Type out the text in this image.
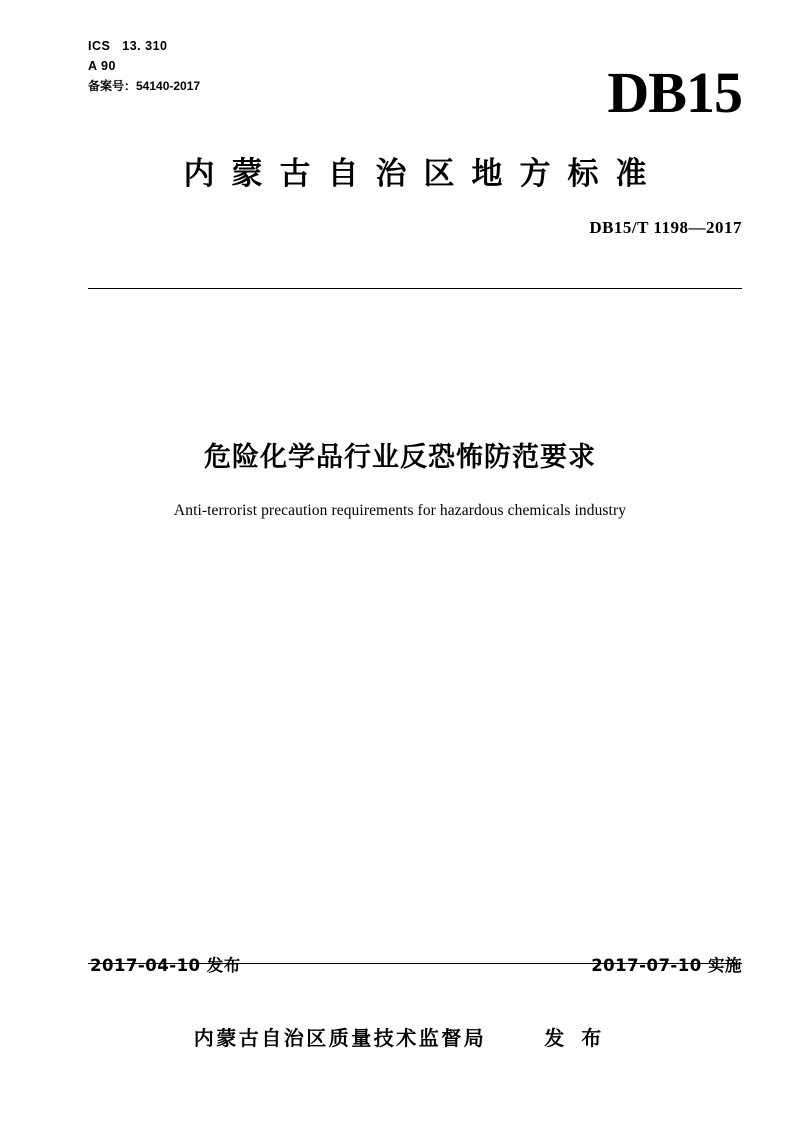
ICS 13. 310
A 90
备案号：54140-2017	DB15
内蒙古自治区地方标准
DB15/T 1198—2017
危险化学品行业反恐怖防范要求
Anti-terrorist precaution requirements for hazardous chemicals industry
2017-04-10 发布	2017-07-10 实施
内蒙古自治区质量技术监督局	发 布
